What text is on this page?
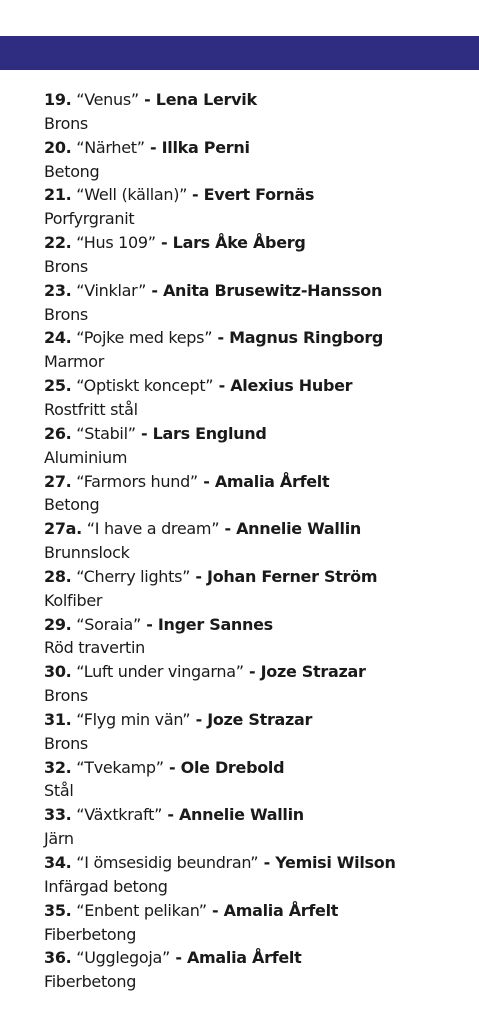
19. “Venus” - Lena Lervik
Brons
20. “Närhet” - Illka Perni
Betong
21. “Well (källan)” - Evert Fornäs
Porfyrgranit
22. “Hus 109” - Lars Åke Åberg
Brons
23. “Vinklar” - Anita Brusewitz-Hansson
Brons
24. “Pojke med keps” - Magnus Ringborg
Marmor
25. “Optiskt koncept” - Alexius Huber
Rostfritt stål
26. “Stabil” - Lars Englund
Aluminium
27. “Farmors hund” - Amalia Årfelt
Betong
27a. “I have a dream” - Annelie Wallin
Brunnslock
28. “Cherry lights” - Johan Ferner Ström
Kolfiber
29. “Soraia” - Inger Sannes
Röd travertin
30. “Luft under vingarna” - Joze Strazar
Brons
31. “Flyg min vän” - Joze Strazar
Brons
32. “Tvekamp” - Ole Drebold
Stål
33. “Växtkraft” - Annelie Wallin
Järn
34. “I ömsesidig beundran” - Yemisi Wilson
Infärgad betong
35. “Enbent pelikan” - Amalia Årfelt
Fiberbetong
36. “Ugglegoja” - Amalia Årfelt
Fiberbetong
